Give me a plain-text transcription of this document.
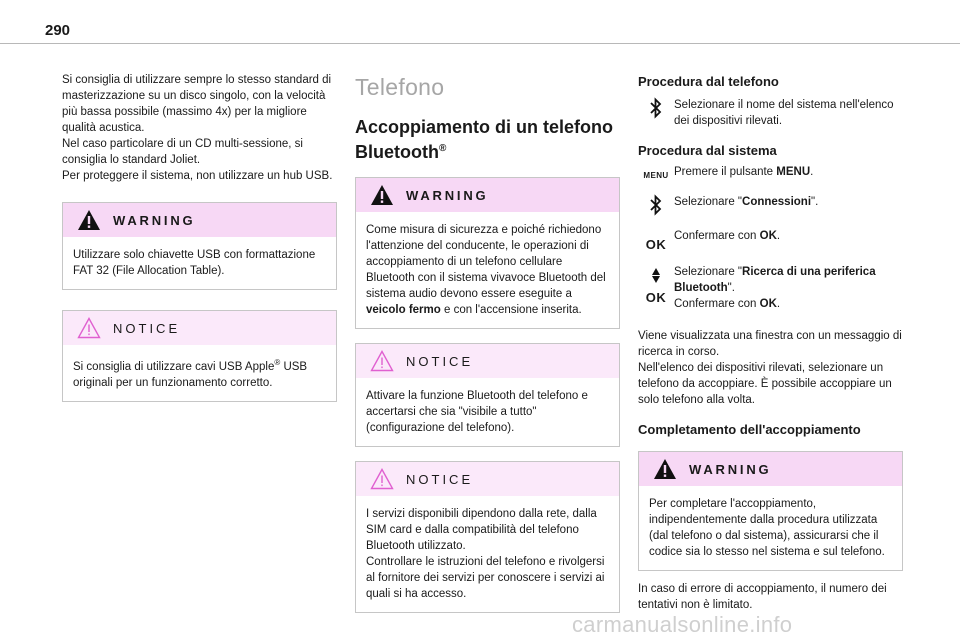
290

Si consiglia di utilizzare sempre lo stesso standard di masterizzazione su un disco singolo, con la velocità più bassa possibile (massimo 4x) per la migliore qualità acustica.
Nel caso particolare di un CD multi-sessione, si consiglia lo standard Joliet.
Per proteggere il sistema, non utilizzare un hub USB.

WARNING
Utilizzare solo chiavette USB con formattazione FAT 32 (File Allocation Table).
NOTICE
Si consiglia di utilizzare cavi USB Apple® USB originali per un funzionamento corretto.
Telefono
Accoppiamento di un telefono Bluetooth®
WARNING
Come misura di sicurezza e poiché richiedono l'attenzione del conducente, le operazioni di accoppiamento di un telefono cellulare Bluetooth con il sistema vivavoce Bluetooth del sistema audio devono essere eseguite a veicolo fermo e con l'accensione inserita.
NOTICE
Attivare la funzione Bluetooth del telefono e accertarsi che sia "visibile a tutto" (configurazione del telefono).
NOTICE
I servizi disponibili dipendono dalla rete, dalla SIM card e dalla compatibilità del telefono Bluetooth utilizzato.
Controllare le istruzioni del telefono e rivolgersi al fornitore dei servizi per conoscere i servizi ai quali si ha accesso.
Procedura dal telefono
Selezionare il nome del sistema nell'elenco dei dispositivi rilevati.
Procedura dal sistema
MENU Premere il pulsante MENU.
Selezionare "Connessioni".
OK
Confermare con OK.
OK
Selezionare "Ricerca di una periferica Bluetooth".
Confermare con OK.

Viene visualizzata una finestra con un messaggio di ricerca in corso.
Nell'elenco dei dispositivi rilevati, selezionare un telefono da accoppiare. È possibile accoppiare un solo telefono alla volta.

Completamento dell'accoppiamento
WARNING
Per completare l'accoppiamento, indipendentemente dalla procedura utilizzata (dal telefono o dal sistema), assicurarsi che il codice sia lo stesso nel sistema e sul telefono.

In caso di errore di accoppiamento, il numero dei tentativi non è limitato.

carmanualsonline.info
